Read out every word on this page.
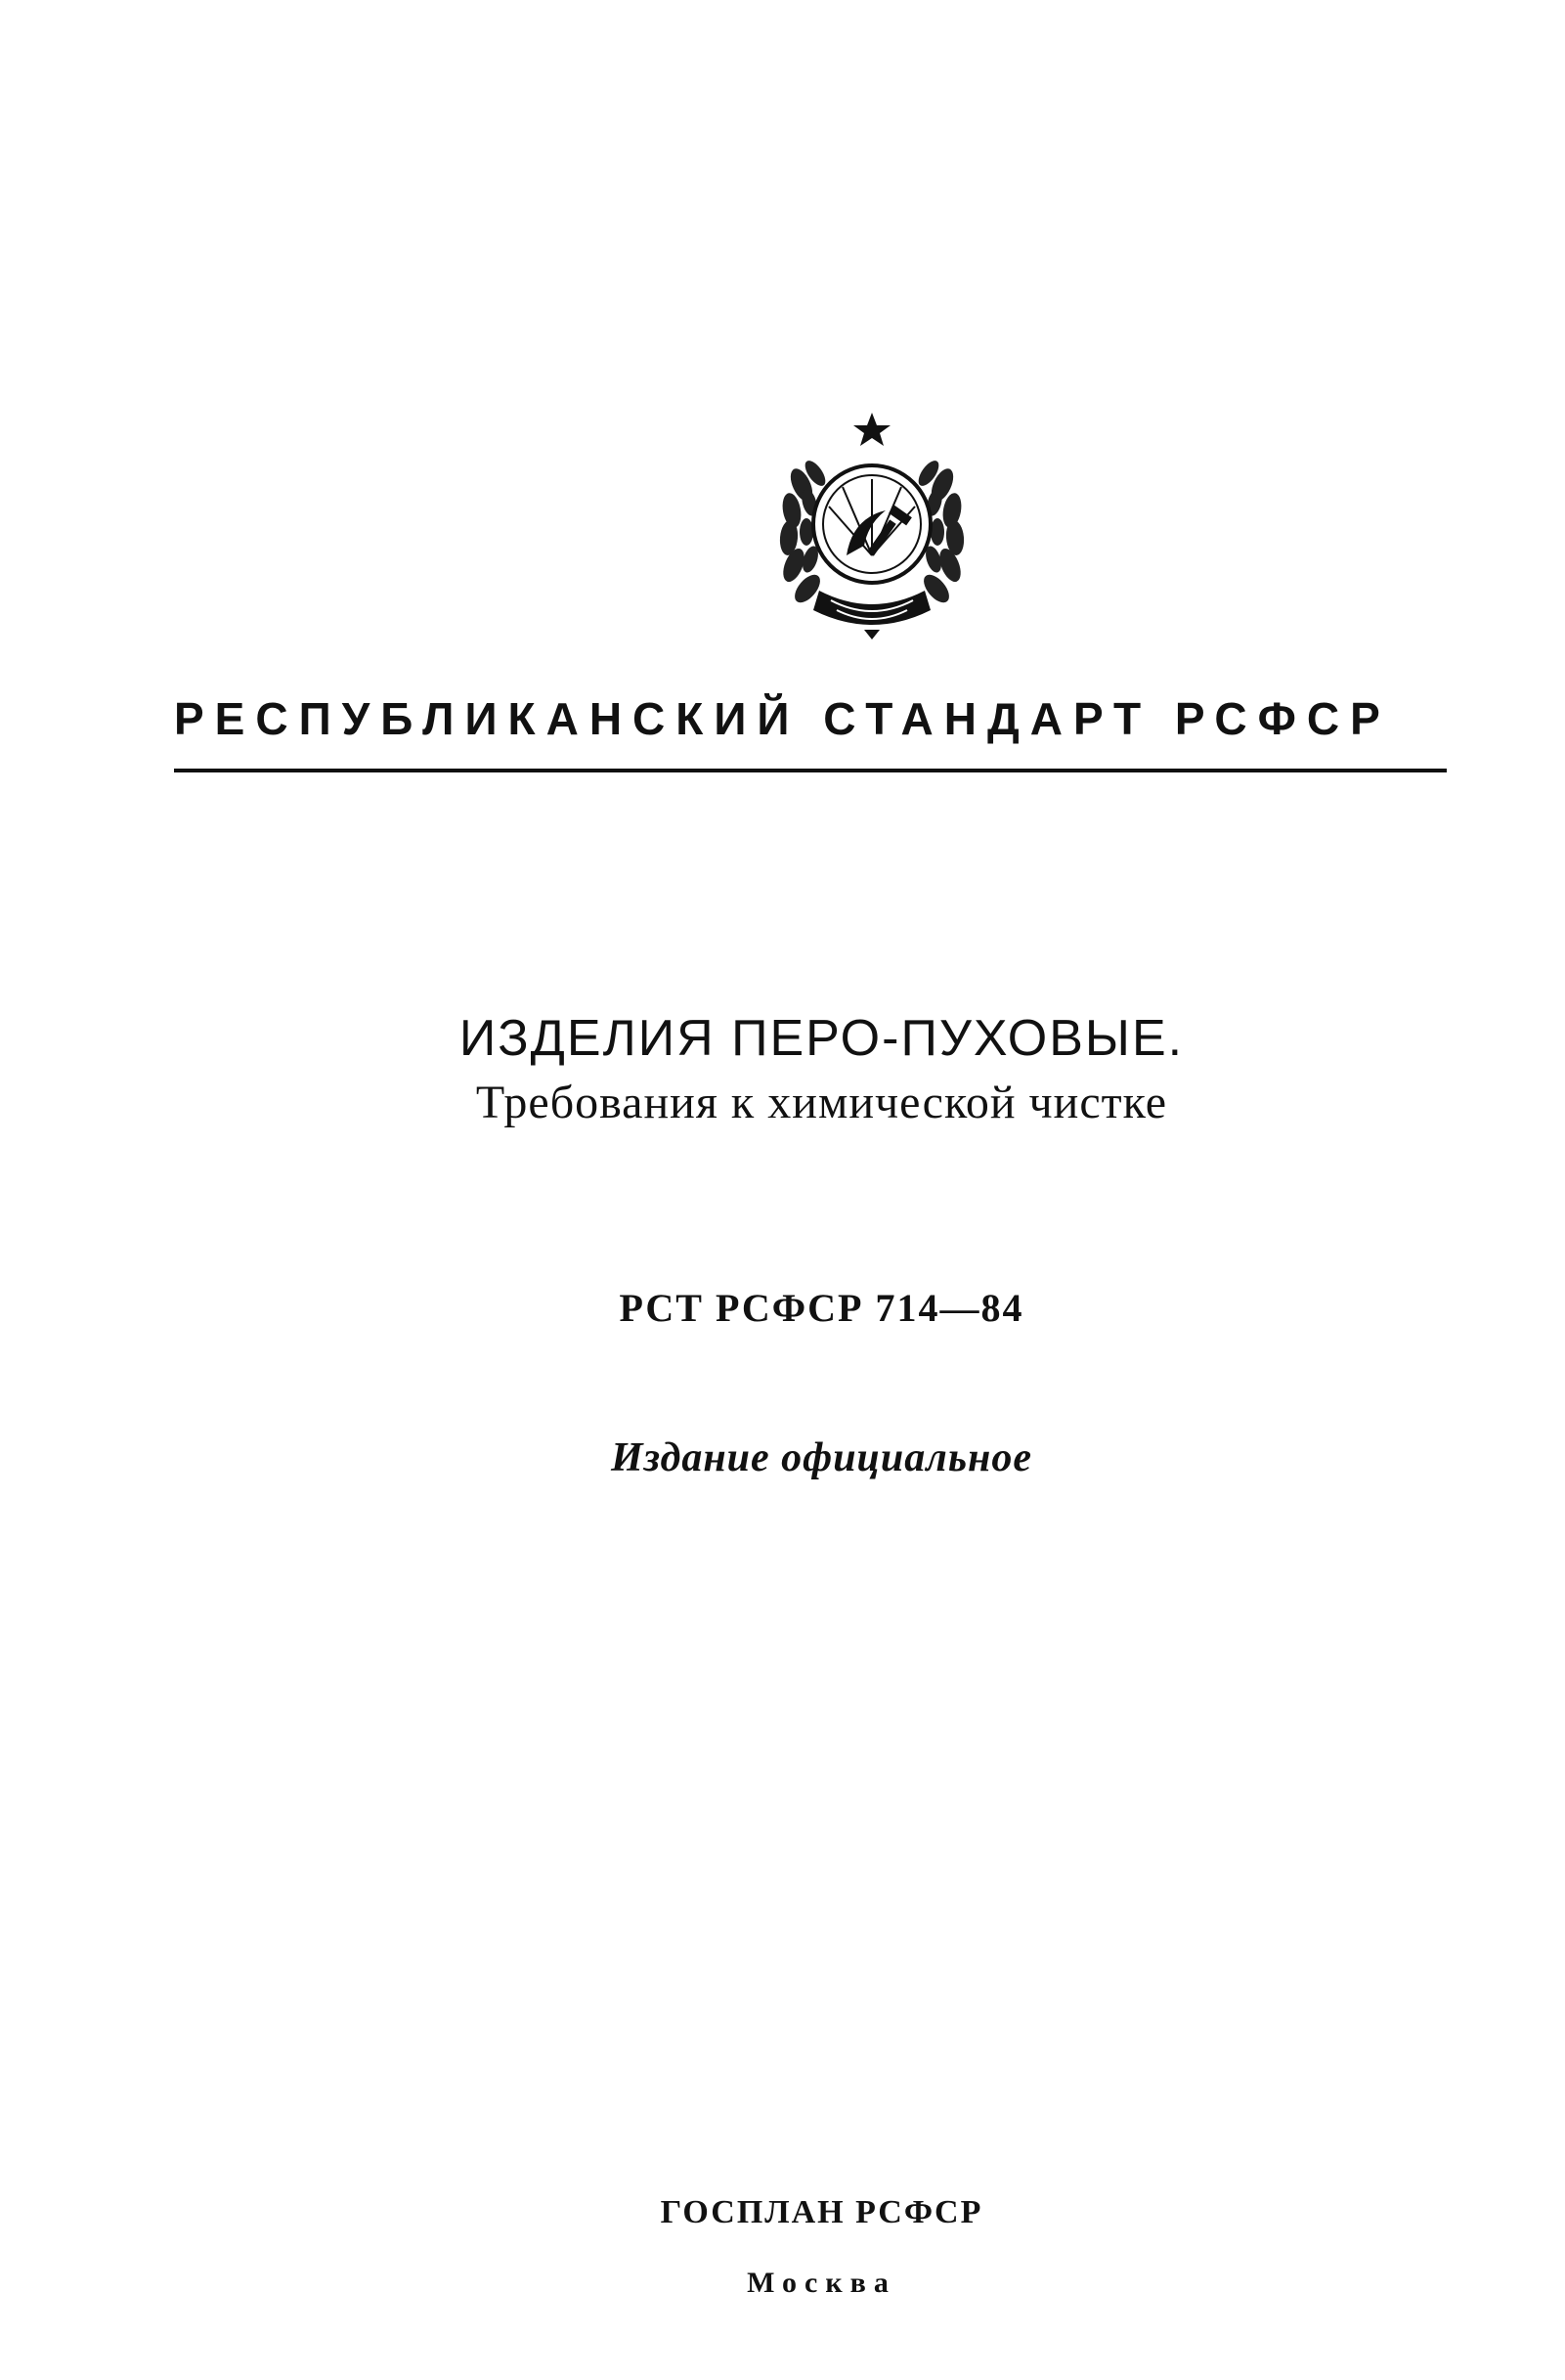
РЕСПУБЛИКАНСКИЙ СТАНДАРТ РСФСР
ИЗДЕЛИЯ ПЕРО-ПУХОВЫЕ.
Требования к химической чистке
РСТ РСФСР 714—84
Издание официальное
ГОСПЛАН РСФСР
Москва
